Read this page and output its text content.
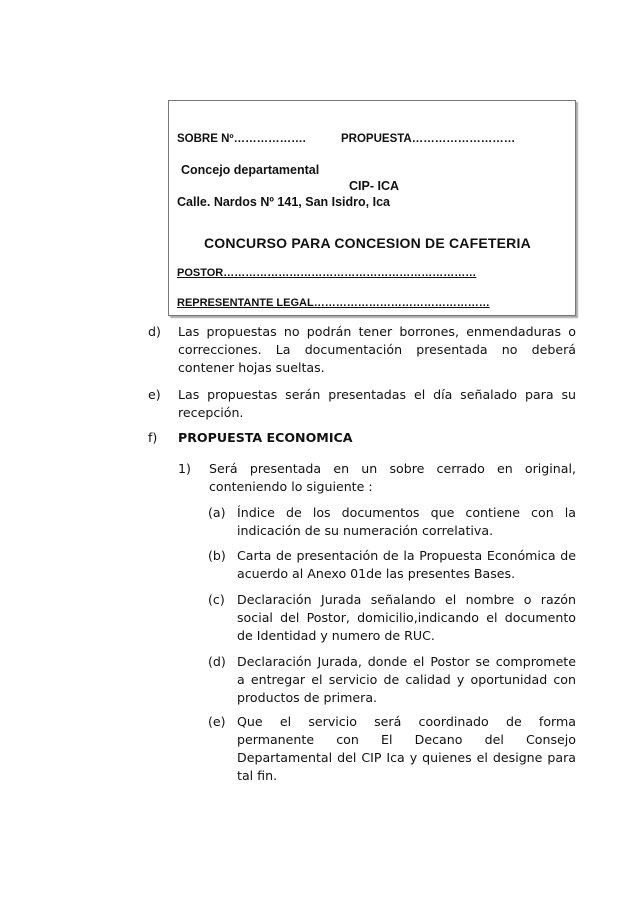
SOBRE Nº……………….	PROPUESTA………………………
Concejo departamental
CIP- ICA
Calle. Nardos Nº 141, San Isidro, Ica
CONCURSO PARA CONCESION DE CAFETERIA
POSTOR……………………………………………………………
REPRESENTANTE LEGAL…………………………………………
d) Las propuestas no podrán tener borrones, enmendaduras o correcciones. La documentación presentada no deberá contener hojas sueltas.
e) Las propuestas serán presentadas el día señalado para su recepción.
f) PROPUESTA ECONOMICA
1) Será presentada en un sobre cerrado en original, conteniendo lo siguiente :
(a) Índice de los documentos que contiene con la indicación de su numeración correlativa.
(b) Carta de presentación de la Propuesta Económica de acuerdo al Anexo 01de las presentes Bases.
(c) Declaración Jurada señalando el nombre o razón social del Postor, domicilio,indicando el documento de Identidad y numero de RUC.
(d) Declaración Jurada, donde el Postor se compromete a entregar el servicio de calidad y oportunidad con productos de primera.
(e) Que el servicio será coordinado de forma permanente con El Decano del Consejo Departamental del CIP Ica y quienes el designe para tal fin.
